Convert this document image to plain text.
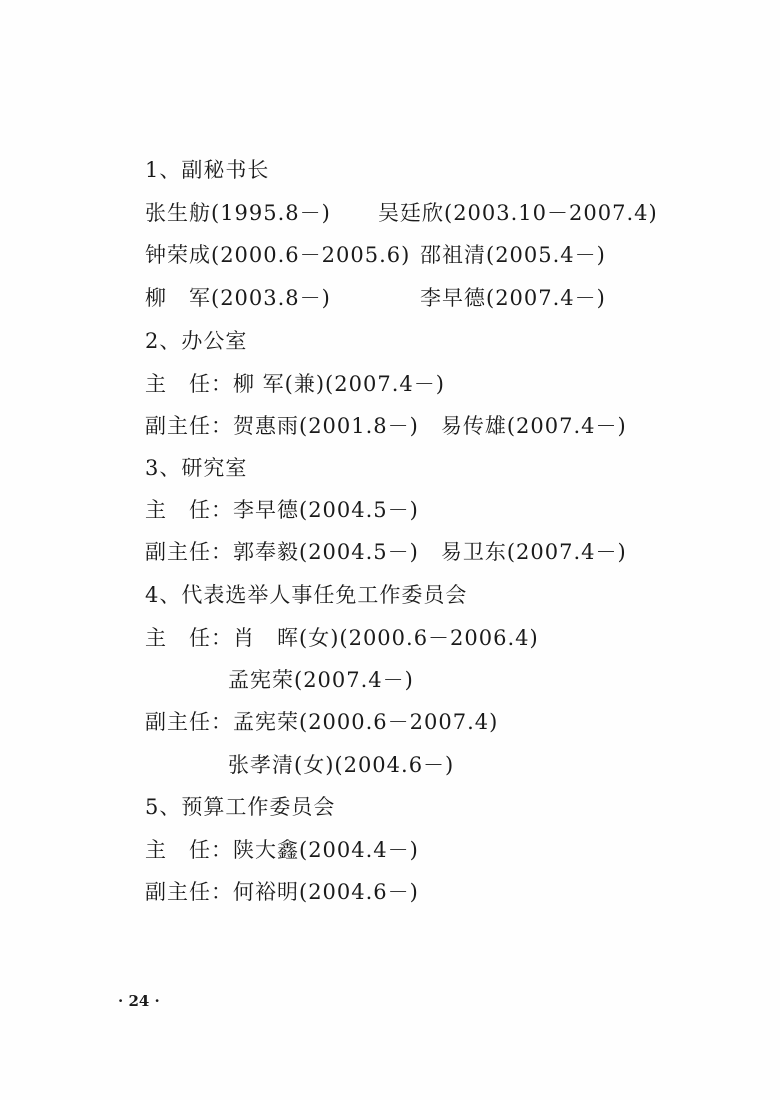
1、副秘书长
张生舫(1995.8－) 吴廷欣(2003.10－2007.4)
钟荣成(2000.6－2005.6) 邵祖清(2005.4－)
柳　军(2003.8－)	李早德(2007.4－)
2、办公室
主　任：柳 军(兼)(2007.4－)
副主任：贺惠雨(2001.8－)　易传雄(2007.4－)
3、研究室
主　任：李早德(2004.5－)
副主任：郭奉毅(2004.5－)　易卫东(2007.4－)
4、代表选举人事任免工作委员会
主　任：肖　晖(女)(2000.6－2006.4)
孟宪荣(2007.4－)
副主任：孟宪荣(2000.6－2007.4)
张孝清(女)(2004.6－)
5、预算工作委员会
主　任：陕大鑫(2004.4－)
副主任：何裕明(2004.6－)
· 24 ·
